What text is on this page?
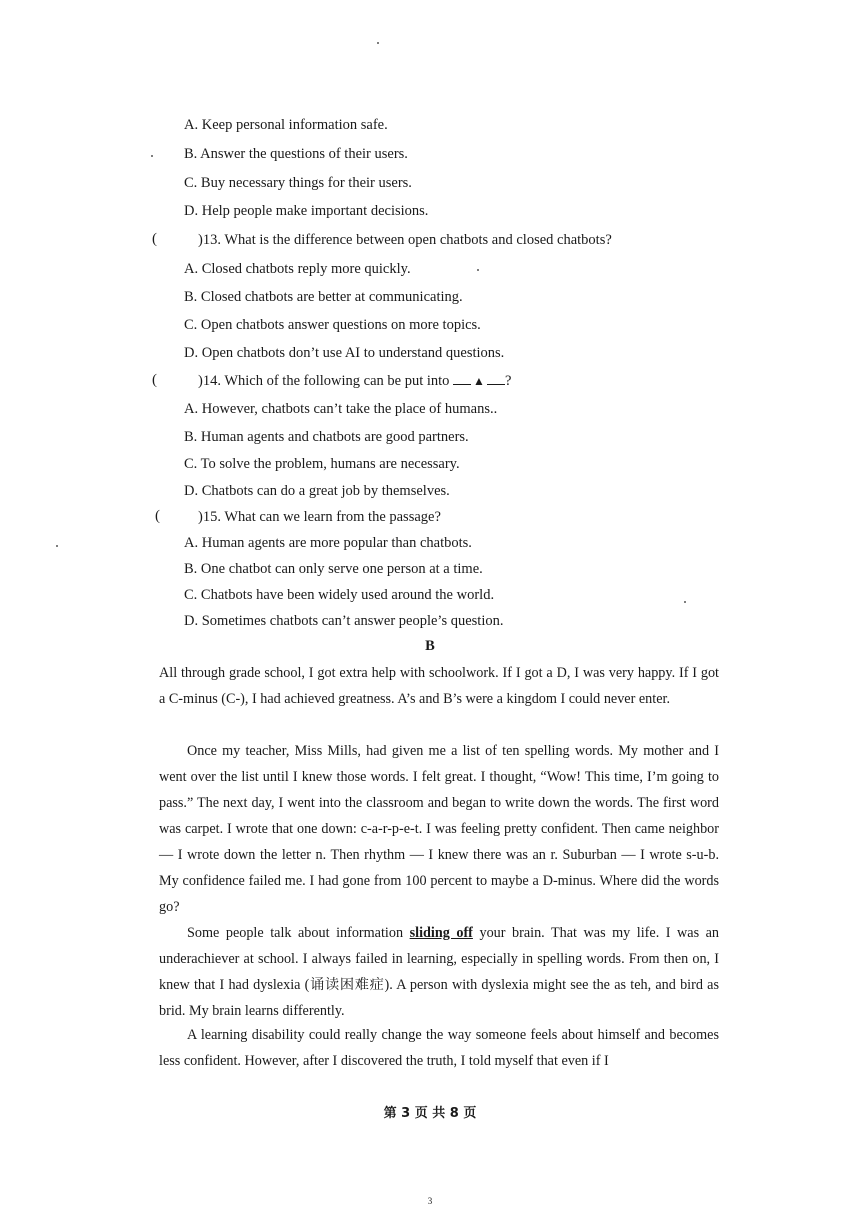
A. Keep personal information safe.
B. Answer the questions of their users.
C. Buy necessary things for their users.
D. Help people make important decisions.
(	)13. What is the difference between open chatbots and closed chatbots?
A. Closed chatbots reply more quickly.
B. Closed chatbots are better at communicating.
C. Open chatbots answer questions on more topics.
D. Open chatbots don’t use AI to understand questions.
(	)14. Which of the following can be put into ▲ ?
A. However, chatbots can’t take the place of humans..
B. Human agents and chatbots are good partners.
C. To solve the problem, humans are necessary.
D. Chatbots can do a great job by themselves.
(	)15. What can we learn from the passage?
A. Human agents are more popular than chatbots.
B. One chatbot can only serve one person at a time.
C. Chatbots have been widely used around the world.
D. Sometimes chatbots can’t answer people’s question.
B
All through grade school, I got extra help with schoolwork. If I got a D, I was very happy. If I got a C-minus (C-), I had achieved greatness. A’s and B’s were a kingdom I could never enter.
Once my teacher, Miss Mills, had given me a list of ten spelling words. My mother and I went over the list until I knew those words. I felt great. I thought, “Wow! This time, I’m going to pass.” The next day, I went into the classroom and began to write down the words. The first word was carpet. I wrote that one down: c-a-r-p-e-t. I was feeling pretty confident. Then came neighbor — I wrote down the letter n. Then rhythm — I knew there was an r. Suburban — I wrote s-u-b. My confidence failed me. I had gone from 100 percent to maybe a D-minus. Where did the words go?
Some people talk about information sliding off your brain. That was my life. I was an underachiever at school. I always failed in learning, especially in spelling words. From then on, I knew that I had dyslexia (诵读困难症). A person with dyslexia might see the as teh, and bird as brid. My brain learns differently.
A learning disability could really change the way someone feels about himself and becomes less confident. However, after I discovered the truth, I told myself that even if I
第 3 页 共 8 页
3
